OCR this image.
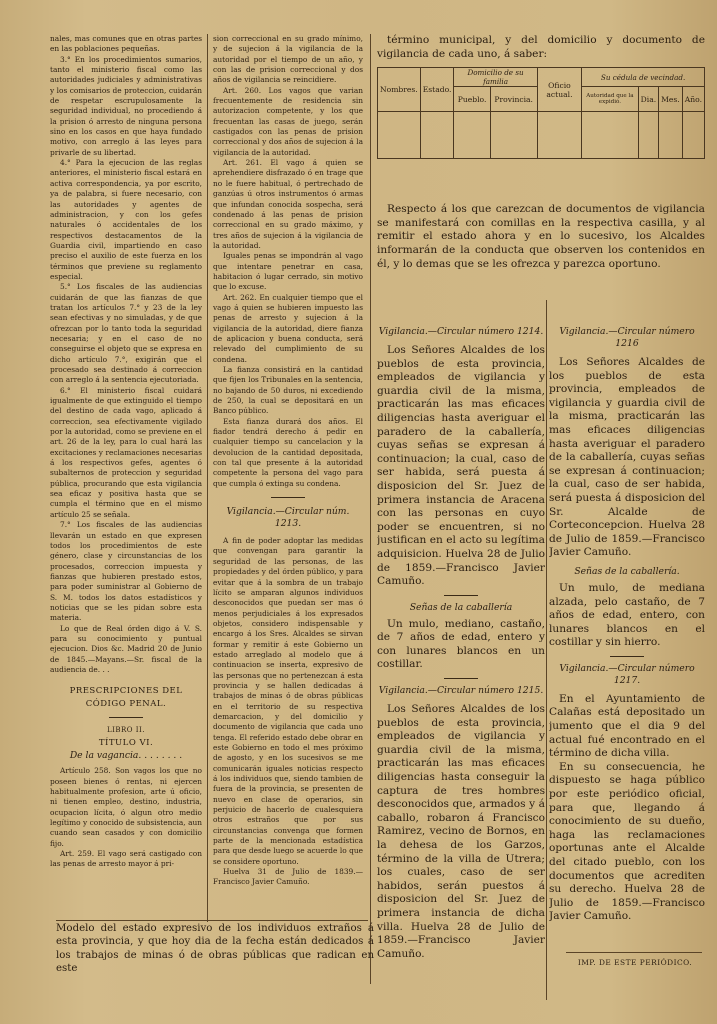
nales, mas comunes que en otras partes en las poblaciones pequeñas.

3.° En los procedimientos sumarios, tanto el ministerio fiscal como las autoridades judiciales y administrativas y los comisarios de proteccion, cuidarán de respetar escrupulosamente la seguridad individual, no procediendo á la prision ó arresto de ninguna persona sino en los casos en que haya fundado motivo, con arreglo á las leyes para privarle de su libertad.

4.° Para la ejecucion de las reglas anteriores, el ministerio fiscal estará en activa correspondencia, ya por escrito, ya de palabra, si fuere necesario, con las autoridades y agentes de administracion, y con los gefes naturales ó accidentales de los respectivos destacamentos de la Guardia civil, impartiendo en caso preciso el auxilio de este fuerza en los términos que previene su reglamento especial.

5.° Los fiscales de las audiencias cuidarán de que las fianzas de que tratan los artículos 7.° y 23 de la ley sean efectivas y no simuladas, y de que ofrezcan por lo tanto toda la seguridad necesaria; y en el caso de no conseguirse el objeto que se expresa en dicho artículo 7.°, exigirán que el procesado sea destinado á correccion con arreglo á la sentencia ejecutoriada.

6.° El ministerio fiscal cuidará igualmente de que extinguido el tiempo del destino de cada vago, aplicado á correccion, sea efectivamente vigilado por la autoridad, como se previene en el art. 26 de la ley, para lo cual hará las excitaciones y reclamaciones necesarias á los respectivos gefes, agentes ó subalternos de proteccion y seguridad pública, procurando que esta vigilancia sea eficaz y positiva hasta que se cumpla el término que en el mismo artículo 25 se señala.

7.° Los fiscales de las audiencias llevarán un estado en que expresen todos los procedimientos de este género, clase y circunstancias de los procesados, correccion impuesta y fianzas que hubieren prestado estos, para poder suministrar al Gobierno de S. M. todos los datos estadísticos y noticias que se les pidan sobre esta materia.

Lo que de Real órden digo á V. S. para su conocimiento y puntual ejecucion. Dios &c. Madrid 20 de Junio de 1845.—Mayans.—Sr. fiscal de la audiencia de. . .

PRESCRIPCIONES DEL CÓDIGO PENAL.

LIBRO II.

TÍTULO VI.

De la vagancia. . . . . . . .

Artículo 258. Son vagos los que no poseen bienes ó rentas, ni ejercen habitualmente profesion, arte ú oficio, ni tienen empleo, destino, industria, ocupacion lícita, ó algun otro medio legítimo y conocido de subsistencia, aun cuando sean casados y con domicilio fijo.

Art. 259. El vago será castigado con las penas de arresto mayor á pri-

sion correccional en su grado mínimo, y de sujecion á la vigilancia de la autoridad por el tiempo de un año, y con las de prision correccional y dos años de vigilancia se reincidiere.

Art. 260. Los vagos que varian frecuentemente de residencia sin autorizacion competente, y los que frecuentan las casas de juego, serán castigados con las penas de prision correccional y dos años de sujecion á la vigilancia de la autoridad.

Art. 261. El vago á quien se aprehendiere disfrazado ó en trage que no le fuere habitual, ó pertrechado de ganzúas ú otros instrumentos ó armas que infundan conocida sospecha, será condenado á las penas de prision correccional en su grado máximo, y tres años de sujecion á la vigilancia de la autoridad.

Iguales penas se impondrán al vago que intentare penetrar en casa, habitacion ó lugar cerrado, sin motivo que lo excuse.

Art. 262. En cualquier tiempo que el vago á quien se hubieren impuesto las penas de arresto y sujecion á la vigilancia de la autoridad, diere fianza de aplicacion y buena conducta, será relevado del cumplimiento de su condena.

La fianza consistirá en la cantidad que fijen los Tribunales en la sentencia, no bajando de 50 duros, ni excediendo de 250, la cual se depositará en un Banco público.

Esta fianza durará dos años. El fiador tendrá derecho á pedir en cualquier tiempo su cancelacion y la devolucion de la cantidad depositada, con tal que presente á la autoridad competente la persona del vago para que cumpla ó extinga su condena.

Vigilancia.—Circular núm. 1213.

A fin de poder adoptar las medidas que convengan para garantir la seguridad de las personas, de las propiedades y del órden público, y para evitar que á la sombra de un trabajo lícito se amparan algunos individuos desconocidos que puedan ser mas ó menos perjudiciales á los expresados objetos, considero indispensable y encargo á los Sres. Alcaldes se sirvan formar y remitir á este Gobierno un estado arreglado al modelo que á continuacion se inserta, expresivo de las personas que no pertenezcan á esta provincia y se hallen dedicadas á trabajos de minas ó de obras públicas en el territorio de su respectiva demarcacion, y del domicilio y documento de vigilancia que cada uno tenga. El referido estado debe obrar en este Gobierno en todo el mes próximo de agosto, y en los sucesivos se me comunicarán iguales noticias respecto á los individuos que, siendo tambien de fuera de la provincia, se presenten de nuevo en clase de operarios, sin perjuicio de hacerlo de cualesquiera otros estraños que por sus circunstancias convenga que formen parte de la mencionada estadística para que desde luego se acuerde lo que se considere oportuno.

Huelva 31 de Julio de 1839.—Francisco Javier Camuño.

Modelo del estado expresivo de los individuos extraños á esta provincia, y que hoy dia de la fecha están dedicados á los trabajos de minas ó de obras públicas que radican en este

término municipal, y del domicilio y documento de vigilancia de cada uno, á saber:

Nombres.	Estado.	Domicilio de su familia		Oficio actual.	Su cédula de vecindad.			
		Pueblo.	Provincia.		Autoridad que la expidió.	Dia.	Mes.	Año.

Respecto á los que carezcan de documentos de vigilancia se manifestará con comillas en la respectiva casilla, y al remitir el estado ahora y en lo sucesivo, los Alcaldes informarán de la conducta que observen los contenidos en él, y lo demas que se les ofrezca y parezca oportuno.

Vigilancia.—Circular número 1214.

Los Señores Alcaldes de los pueblos de esta provincia, empleados de vigilancia y guardia civil de la misma, practicarán las mas eficaces diligencias hasta averiguar el paradero de la caballería, cuyas señas se expresan á continuacion; la cual, caso de ser habida, será puesta á disposicion del Sr. Juez de primera instancia de Aracena con las personas en cuyo poder se encuentren, si no justifican en el acto su legítima adquisicion. Huelva 28 de Julio de 1859.—Francisco Javier Camuño.

Señas de la caballería

Un mulo, mediano, castaño, de 7 años de edad, entero y con lunares blancos en un costillar.

Vigilancia.—Circular número 1215.

Los Señores Alcaldes de los pueblos de esta provincia, empleados de vigilancia y guardia civil de la misma, practicarán las mas eficaces diligencias hasta conseguir la captura de tres hombres desconocidos que, armados y á caballo, robaron á Francisco Ramirez, vecino de Bornos, en la dehesa de los Garzos, término de la villa de Utrera; los cuales, caso de ser habidos, serán puestos á disposicion del Sr. Juez de primera instancia de dicha villa. Huelva 28 de Julio de 1859.—Francisco Javier Camuño.

Vigilancia.—Circular número 1216

Los Señores Alcaldes de los pueblos de esta provincia, empleados de vigilancia y guardia civil de la misma, practicarán las mas eficaces diligencias hasta averiguar el paradero de la caballería, cuyas señas se expresan á continuacion; la cual, caso de ser habida, será puesta á disposicion del Sr. Alcalde de Corteconcepcion. Huelva 28 de Julio de 1859.—Francisco Javier Camuño.

Señas de la caballería.

Un mulo, de mediana alzada, pelo castaño, de 7 años de edad, entero, con lunares blancos en el costillar y sin hierro.

Vigilancia.—Circular número 1217.

En el Ayuntamiento de Calañas está depositado un jumento que el dia 9 del actual fué encontrado en el término de dicha villa.

En su consecuencia, he dispuesto se haga público por este periódico oficial, para que, llegando á conocimiento de su dueño, haga las reclamaciones oportunas ante el Alcalde del citado pueblo, con los documentos que acrediten su derecho. Huelva 28 de Julio de 1859.—Francisco Javier Camuño.

IMP. DE ESTE PERIÓDICO.
